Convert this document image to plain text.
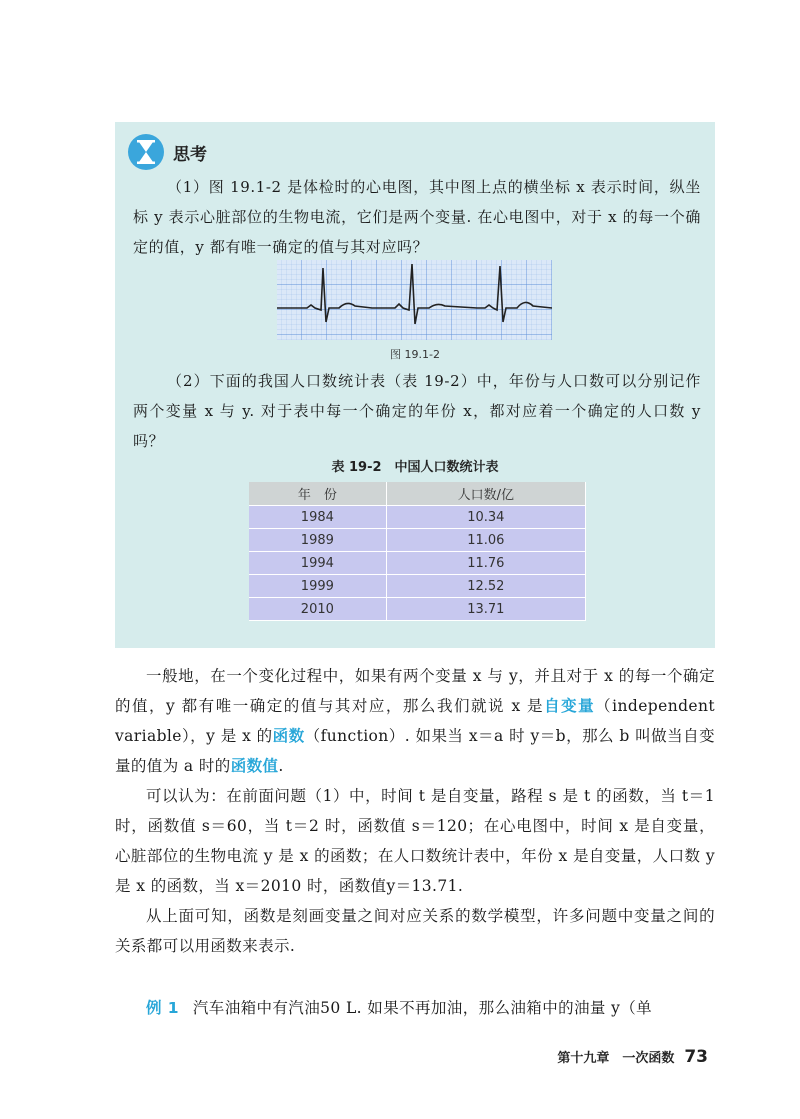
思考
（1）图 19.1-2 是体检时的心电图，其中图上点的横坐标 x 表示时间，纵坐标 y 表示心脏部位的生物电流，它们是两个变量. 在心电图中，对于 x 的每一个确定的值，y 都有唯一确定的值与其对应吗？
图 19.1-2
（2）下面的我国人口数统计表（表 19-2）中，年份与人口数可以分别记作两个变量 x 与 y. 对于表中每一个确定的年份 x，都对应着一个确定的人口数 y 吗？
表 19-2　中国人口数统计表
年　份	人口数/亿
1984	10.34
1989	11.06
1994	11.76
1999	12.52
2010	13.71
一般地，在一个变化过程中，如果有两个变量 x 与 y，并且对于 x 的每一个确定的值，y 都有唯一确定的值与其对应，那么我们就说 x 是自变量（independent variable），y 是 x 的函数（function）. 如果当 x＝a 时 y＝b，那么 b 叫做当自变量的值为 a 时的函数值.
可以认为：在前面问题（1）中，时间 t 是自变量，路程 s 是 t 的函数，当 t＝1时，函数值 s＝60，当 t＝2 时，函数值 s＝120；在心电图中，时间 x 是自变量，心脏部位的生物电流 y 是 x 的函数；在人口数统计表中，年份 x 是自变量，人口数 y 是 x 的函数，当 x＝2010 时，函数值y＝13.71.
从上面可知，函数是刻画变量之间对应关系的数学模型，许多问题中变量之间的关系都可以用函数来表示.
例 1 汽车油箱中有汽油50 L. 如果不再加油，那么油箱中的油量 y（单
第十九章　一次函数 73
